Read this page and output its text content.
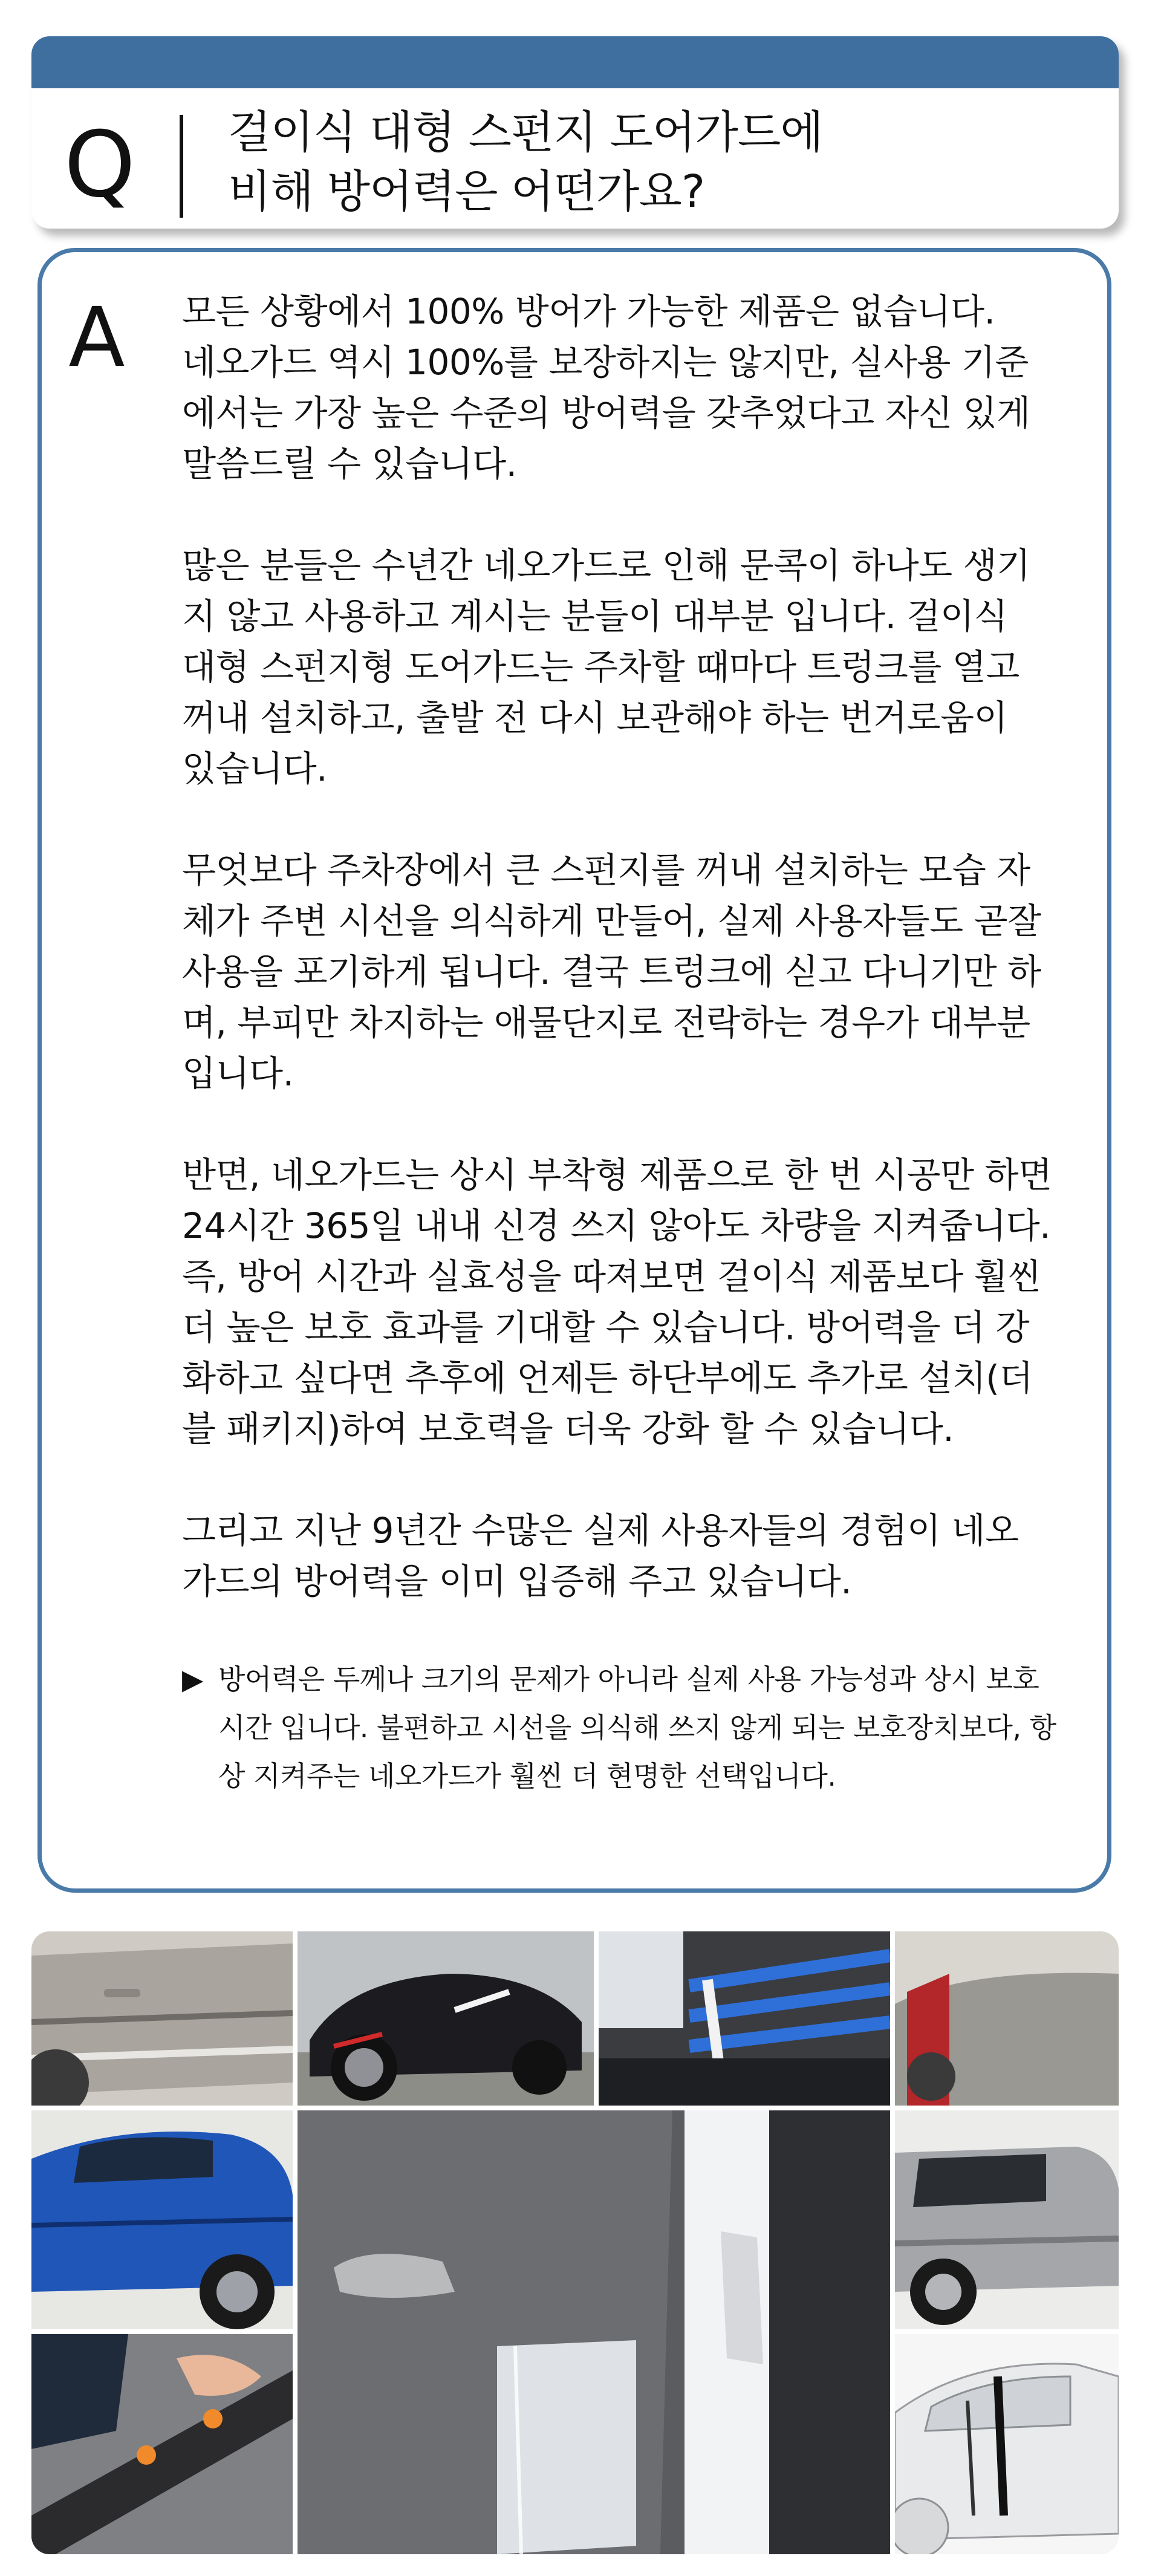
Q 걸이식 대형 스펀지 도어가드에
비해 방어력은 어떤가요?
A 모든 상황에서 100% 방어가 가능한 제품은 없습니다.
네오가드 역시 100%를 보장하지는 않지만, 실사용 기준
에서는 가장 높은 수준의 방어력을 갖추었다고 자신 있게
말씀드릴 수 있습니다.

많은 분들은 수년간 네오가드로 인해 문콕이 하나도 생기
지 않고 사용하고 계시는 분들이 대부분 입니다. 걸이식
대형 스펀지형 도어가드는 주차할 때마다 트렁크를 열고
꺼내 설치하고, 출발 전 다시 보관해야 하는 번거로움이
있습니다.

무엇보다 주차장에서 큰 스펀지를 꺼내 설치하는 모습 자
체가 주변 시선을 의식하게 만들어, 실제 사용자들도 곧잘
사용을 포기하게 됩니다. 결국 트렁크에 싣고 다니기만 하
며, 부피만 차지하는 애물단지로 전락하는 경우가 대부분
입니다.

반면, 네오가드는 상시 부착형 제품으로 한 번 시공만 하면
24시간 365일 내내 신경 쓰지 않아도 차량을 지켜줍니다.
즉, 방어 시간과 실효성을 따져보면 걸이식 제품보다 훨씬
더 높은 보호 효과를 기대할 수 있습니다. 방어력을 더 강
화하고 싶다면 추후에 언제든 하단부에도 추가로 설치(더
블 패키지)하여 보호력을 더욱 강화 할 수 있습니다.

그리고 지난 9년간 수많은 실제 사용자들의 경험이 네오
가드의 방어력을 이미 입증해 주고 있습니다.

▶ 방어력은 두께나 크기의 문제가 아니라 실제 사용 가능성과 상시 보호
시간 입니다. 불편하고 시선을 의식해 쓰지 않게 되는 보호장치보다, 항
상 지켜주는 네오가드가 훨씬 더 현명한 선택입니다.
